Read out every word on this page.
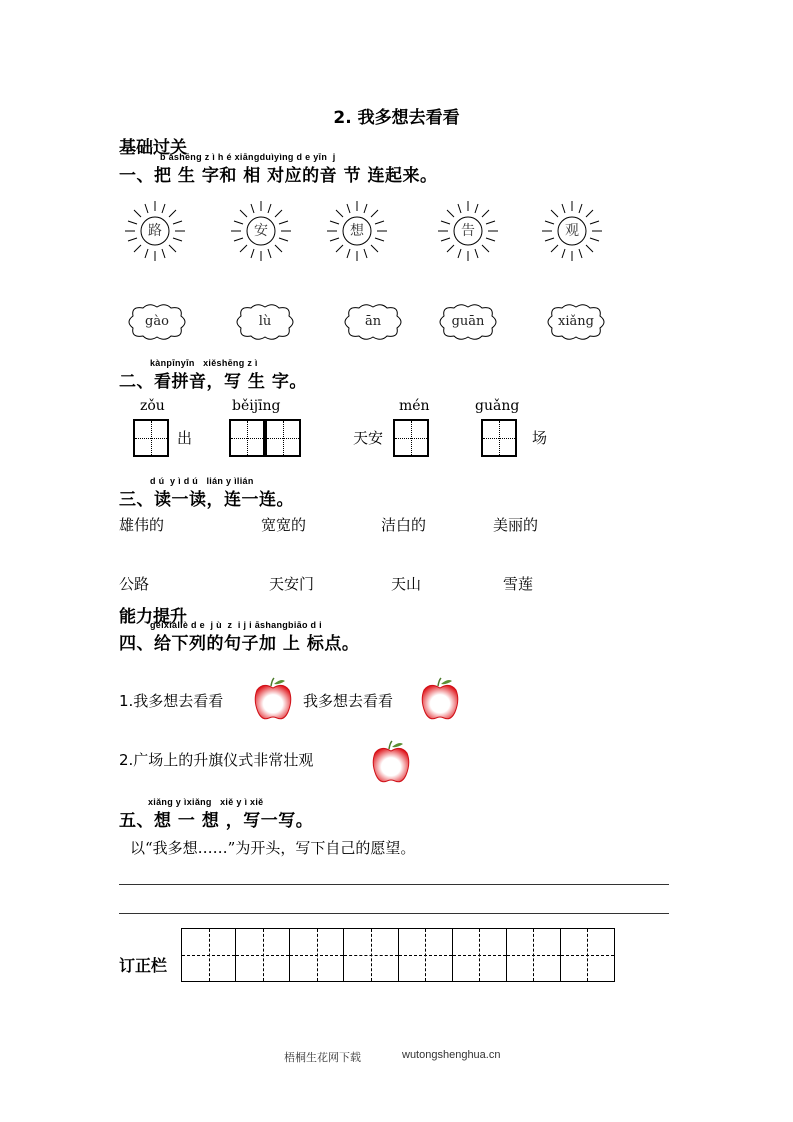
2. 我多想去看看
基础过关
b ǎshēng z ì h é xiāngduìyìng d e yīn  j
一、把 生 字和 相 对应的音 节 连起来。
路	安	想	告	观
gào	lù	ān	guān	xiǎng
kànpīnyīn   xiěshēng z ì
二、看拼音，写 生 字。
zǒu
出
běijīng
天安
mén	guǎng
场
d ú  y ì d ú   lián y ìlián
三、读一读，连一连。
雄伟的	宽宽的	洁白的	美丽的
公路	天安门	天山	雪莲
能力提升
gěixiàliè d e  j ù  z  i j i āshangbiāo d i
四、给下列的句子加 上 标点。
1.我多想去看看	我多想去看看
2.广场上的升旗仪式非常壮观
xiǎng y ìxiǎng   xiě y ì xiě
五、想 一 想 ，写一写。
以“我多想……”为开头，写下自己的愿望。
订正栏
梧桐生花网下载	wutongshenghua.cn
